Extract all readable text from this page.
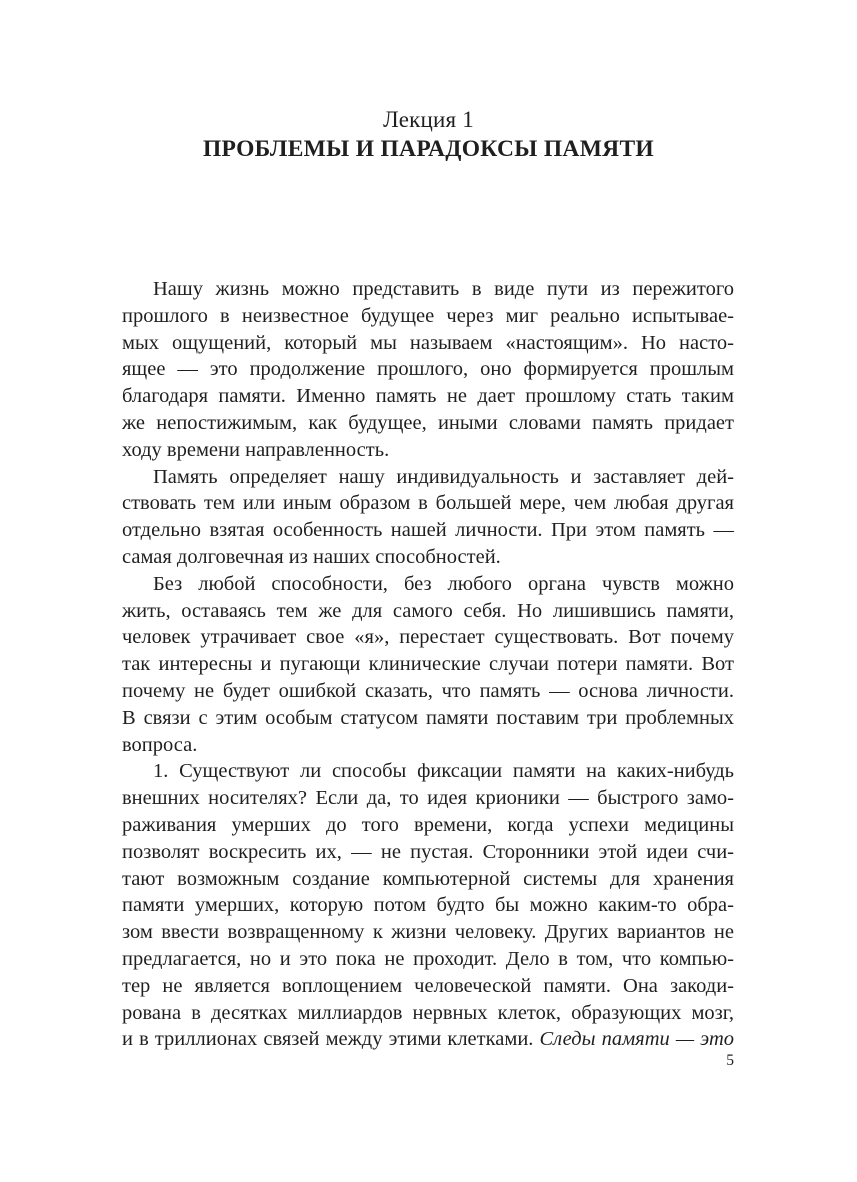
Лекция 1
ПРОБЛЕМЫ И ПАРАДОКСЫ ПАМЯТИ
Нашу жизнь можно представить в виде пути из пережитого
прошлого в неизвестное будущее через миг реально испытывае-
мых ощущений, который мы называем «настоящим». Но насто-
ящее — это продолжение прошлого, оно формируется прошлым
благодаря памяти. Именно память не дает прошлому стать таким
же непостижимым, как будущее, иными словами память придает
ходу времени направленность.
Память определяет нашу индивидуальность и заставляет дей-
ствовать тем или иным образом в большей мере, чем любая другая
отдельно взятая особенность нашей личности. При этом память —
самая долговечная из наших способностей.
Без любой способности, без любого органа чувств можно
жить, оставаясь тем же для самого себя. Но лишившись памяти,
человек утрачивает свое «я», перестает существовать. Вот почему
так интересны и пугающи клинические случаи потери памяти. Вот
почему не будет ошибкой сказать, что память — основа личности.
В связи с этим особым статусом памяти поставим три проблемных
вопроса.
1. Существуют ли способы фиксации памяти на каких-нибудь
внешних носителях? Если да, то идея крионики — быстрого замо-
раживания умерших до того времени, когда успехи медицины
позволят воскресить их, — не пустая. Сторонники этой идеи счи-
тают возможным создание компьютерной системы для хранения
памяти умерших, которую потом будто бы можно каким-то обра-
зом ввести возвращенному к жизни человеку. Других вариантов не
предлагается, но и это пока не проходит. Дело в том, что компью-
тер не является воплощением человеческой памяти. Она закоди-
рована в десятках миллиардов нервных клеток, образующих мозг,
и в триллионах связей между этими клетками. Следы памяти — это
5
